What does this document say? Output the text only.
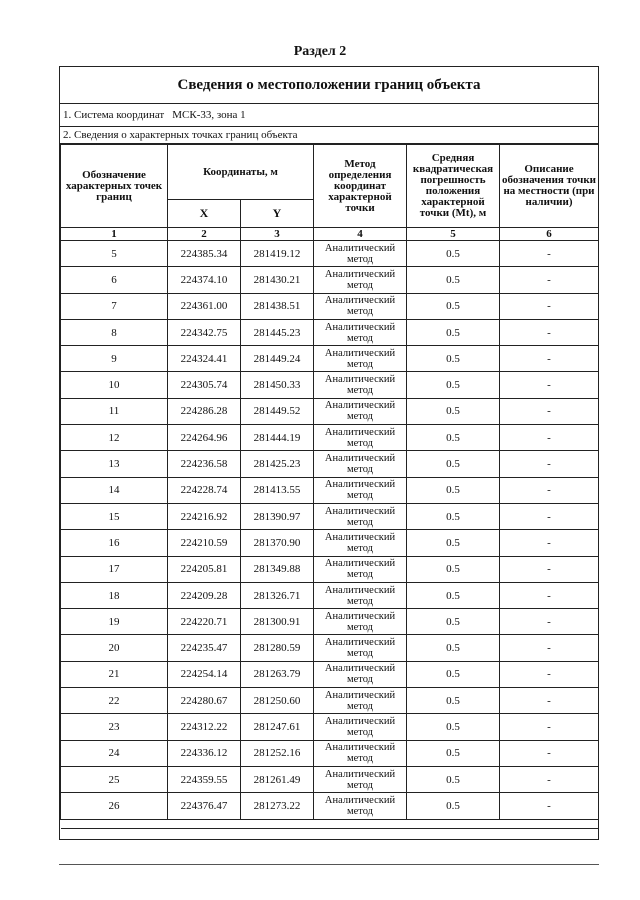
Раздел 2
Сведения о местоположении границ объекта
1. Система координат МСК-33, зона 1
2. Сведения о характерных точках границ объекта
Обозначение характерных точек границ	Координаты, м		Метод определения координат характерной точки	Средняя квадратическая погрешность положения характерной точки (Mt), м	Описание обозначения точки на местности (при наличии)
	X	Y			
1	2	3	4	5	6
5	224385.34	281419.12	Аналитический метод	0.5	-
6	224374.10	281430.21	Аналитический метод	0.5	-
7	224361.00	281438.51	Аналитический метод	0.5	-
8	224342.75	281445.23	Аналитический метод	0.5	-
9	224324.41	281449.24	Аналитический метод	0.5	-
10	224305.74	281450.33	Аналитический метод	0.5	-
11	224286.28	281449.52	Аналитический метод	0.5	-
12	224264.96	281444.19	Аналитический метод	0.5	-
13	224236.58	281425.23	Аналитический метод	0.5	-
14	224228.74	281413.55	Аналитический метод	0.5	-
15	224216.92	281390.97	Аналитический метод	0.5	-
16	224210.59	281370.90	Аналитический метод	0.5	-
17	224205.81	281349.88	Аналитический метод	0.5	-
18	224209.28	281326.71	Аналитический метод	0.5	-
19	224220.71	281300.91	Аналитический метод	0.5	-
20	224235.47	281280.59	Аналитический метод	0.5	-
21	224254.14	281263.79	Аналитический метод	0.5	-
22	224280.67	281250.60	Аналитический метод	0.5	-
23	224312.22	281247.61	Аналитический метод	0.5	-
24	224336.12	281252.16	Аналитический метод	0.5	-
25	224359.55	281261.49	Аналитический метод	0.5	-
26	224376.47	281273.22	Аналитический метод	0.5	-
